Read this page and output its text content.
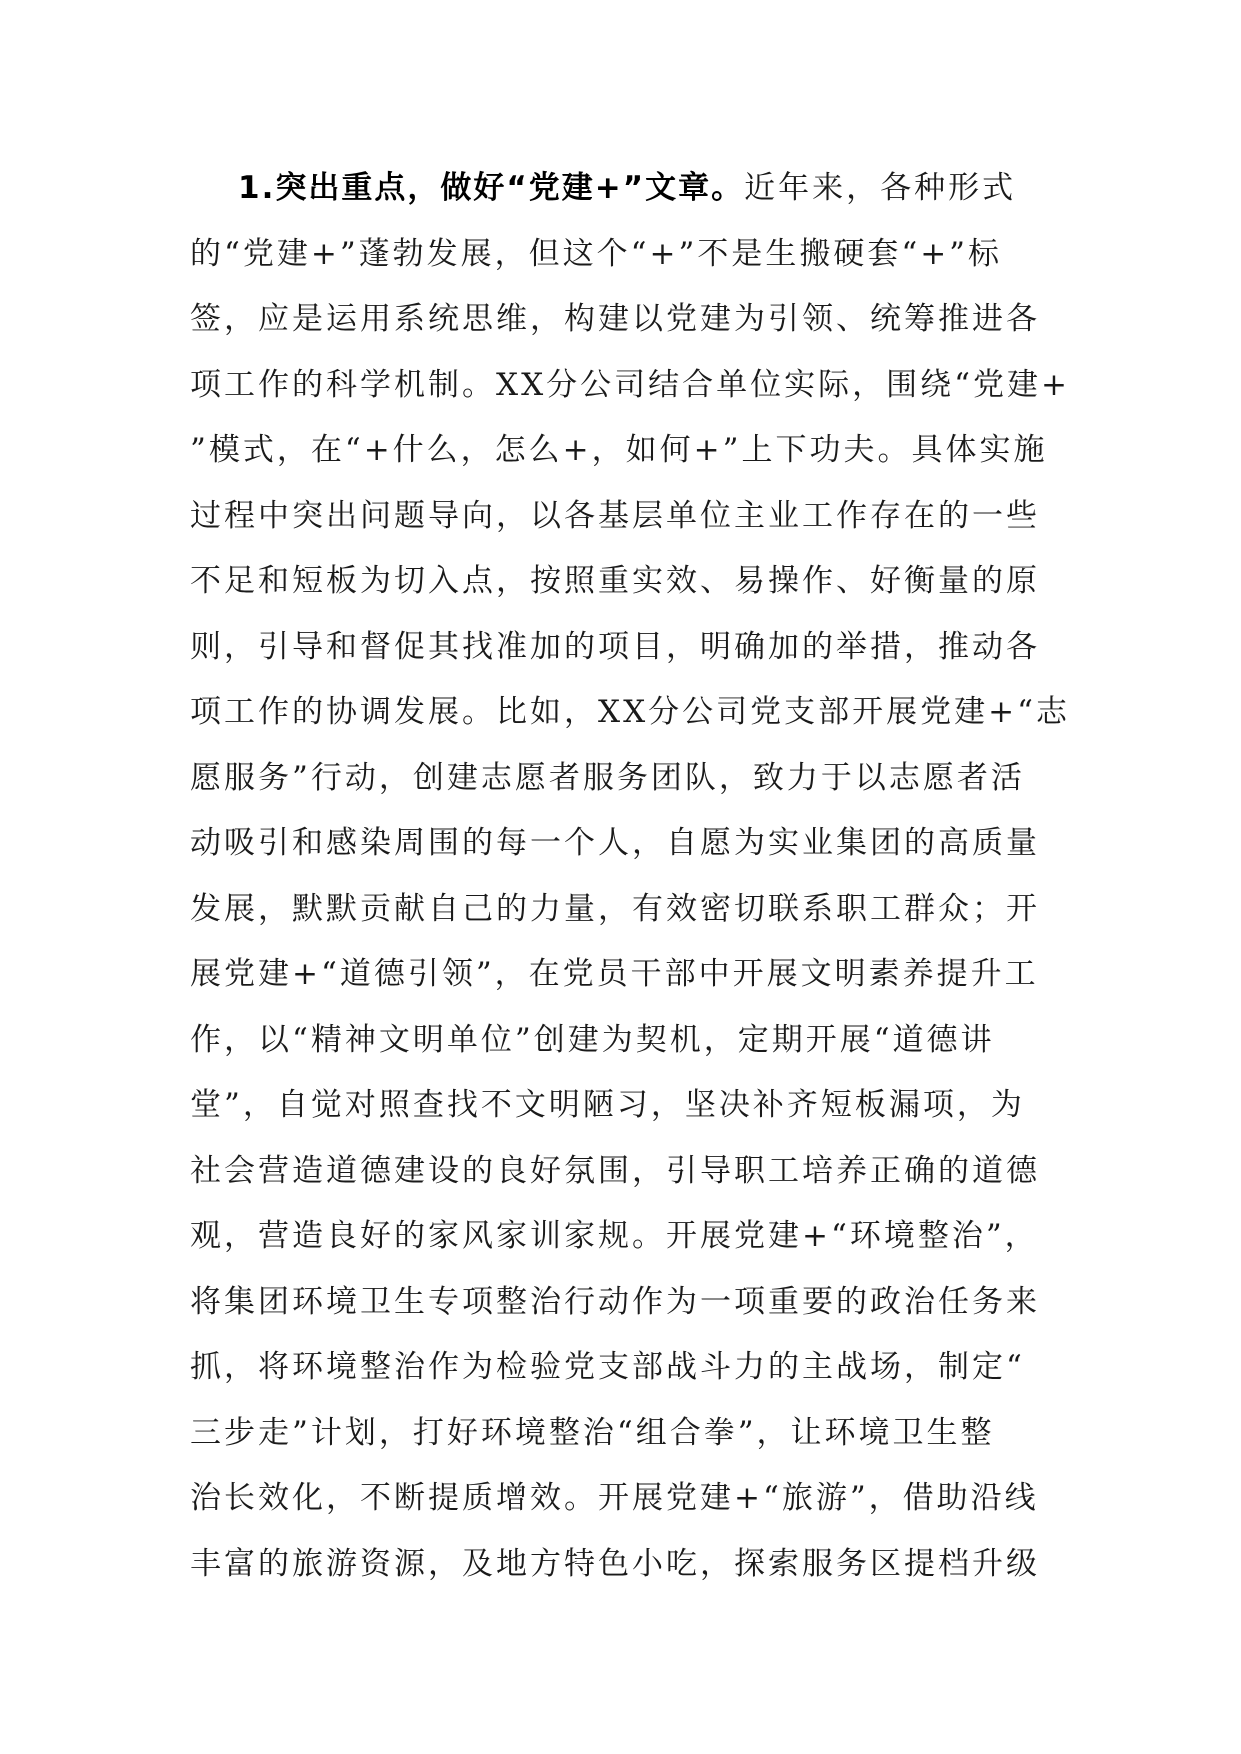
1.突出重点，做好“党建+”文章。近年来，各种形式
的“党建+”蓬勃发展，但这个“+”不是生搬硬套“+”标
签，应是运用系统思维，构建以党建为引领、统筹推进各
项工作的科学机制。XX分公司结合单位实际，围绕“党建+
”模式，在“+什么，怎么+，如何+”上下功夫。具体实施
过程中突出问题导向，以各基层单位主业工作存在的一些
不足和短板为切入点，按照重实效、易操作、好衡量的原
则，引导和督促其找准加的项目，明确加的举措，推动各
项工作的协调发展。比如，XX分公司党支部开展党建+“志
愿服务”行动，创建志愿者服务团队，致力于以志愿者活
动吸引和感染周围的每一个人，自愿为实业集团的高质量
发展，默默贡献自己的力量，有效密切联系职工群众；开
展党建+“道德引领”，在党员干部中开展文明素养提升工
作，以“精神文明单位”创建为契机，定期开展“道德讲
堂”，自觉对照查找不文明陋习，坚决补齐短板漏项，为
社会营造道德建设的良好氛围，引导职工培养正确的道德
观，营造良好的家风家训家规。开展党建+“环境整治”，
将集团环境卫生专项整治行动作为一项重要的政治任务来
抓，将环境整治作为检验党支部战斗力的主战场，制定“
三步走”计划，打好环境整治“组合拳”，让环境卫生整
治长效化，不断提质增效。开展党建+“旅游”，借助沿线
丰富的旅游资源，及地方特色小吃，探索服务区提档升级
